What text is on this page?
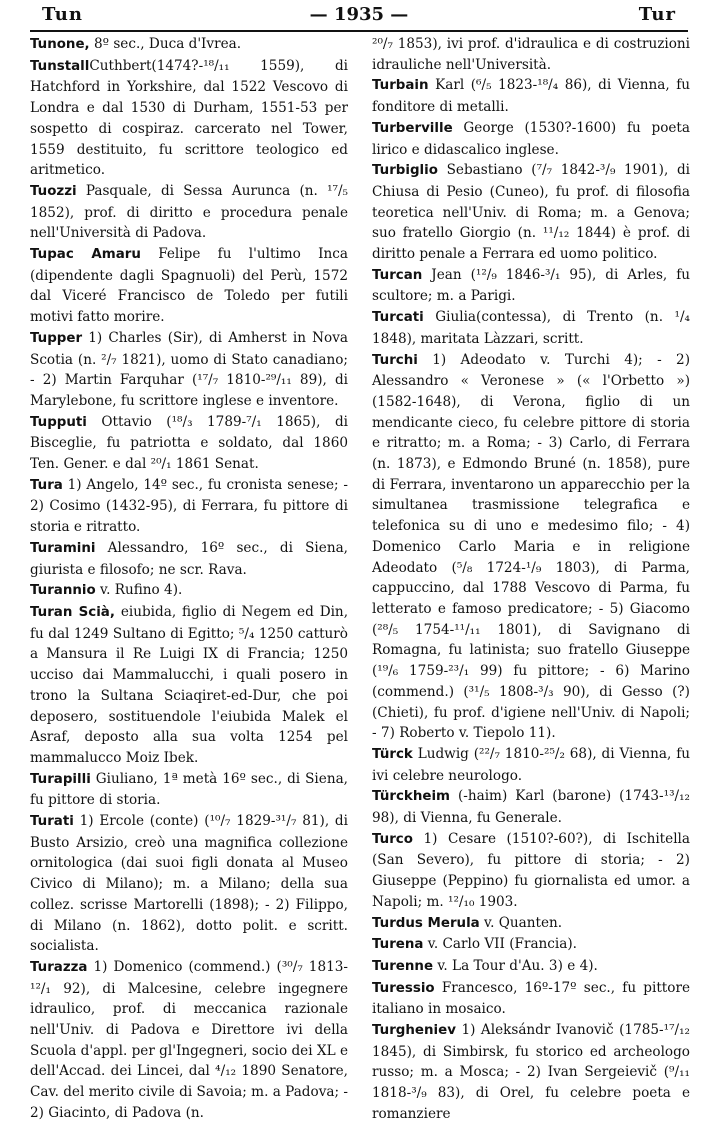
Tun	— 1935 —	Tur

Tunone, 8º sec., Duca d'Ivrea.

TunstallCuthbert(1474?-¹⁸/₁₁ 1559), di Hatchford in Yorkshire, dal 1522 Vescovo di Londra e dal 1530 di Durham, 1551-53 per sospetto di cospiraz. carcerato nel Tower, 1559 destituito, fu scrittore teologico ed aritmetico.

Tuozzi Pasquale, di Sessa Aurunca (n. ¹⁷/₅ 1852), prof. di diritto e procedura penale nell'Università di Padova.

Tupac Amaru Felipe fu l'ultimo Inca (dipendente dagli Spagnuoli) del Perù, 1572 dal Viceré Francisco de Toledo per futili motivi fatto morire.

Tupper 1) Charles (Sir), di Amherst in Nova Scotia (n. ²/₇ 1821), uomo di Stato canadiano; - 2) Martin Farquhar (¹⁷/₇ 1810-²⁹/₁₁ 89), di Marylebone, fu scrittore inglese e inventore.

Tupputi Ottavio (¹⁸/₃ 1789-⁷/₁ 1865), di Bisceglie, fu patriotta e soldato, dal 1860 Ten. Gener. e dal ²⁰/₁ 1861 Senat.

Tura 1) Angelo, 14º sec., fu cronista senese; - 2) Cosimo (1432-95), di Ferrara, fu pittore di storia e ritratto.

Turamini Alessandro, 16º sec., di Siena, giurista e filosofo; ne scr. Rava.

Turannio v. Rufino 4).

Turan Scià, eiubida, figlio di Negem ed Din, fu dal 1249 Sultano di Egitto; ⁵/₄ 1250 catturò a Mansura il Re Luigi IX di Francia; 1250 ucciso dai Mammalucchi, i quali posero in trono la Sultana Sciaqiret-ed-Dur, che poi deposero, sostituendole l'eiubida Malek el Asraf, deposto alla sua volta 1254 pel mammalucco Moiz Ibek.

Turapilli Giuliano, 1ª metà 16º sec., di Siena, fu pittore di storia.

Turati 1) Ercole (conte) (¹⁰/₇ 1829-³¹/₇ 81), di Busto Arsizio, creò una magnifica collezione ornitologica (dai suoi figli donata al Museo Civico di Milano); m. a Milano; della sua collez. scrisse Martorelli (1898); - 2) Filippo, di Milano (n. 1862), dotto polit. e scritt. socialista.

Turazza 1) Domenico (commend.) (³⁰/₇ 1813-¹²/₁ 92), di Malcesine, celebre ingegnere idraulico, prof. di meccanica razionale nell'Univ. di Padova e Direttore ivi della Scuola d'appl. per gl'Ingegneri, socio dei XL e dell'Accad. dei Lincei, dal ⁴/₁₂ 1890 Senatore, Cav. del merito civile di Savoia; m. a Padova; - 2) Giacinto, di Padova (n.

²⁰/₇ 1853), ivi prof. d'idraulica e di costruzioni idrauliche nell'Università.

Turbain Karl (⁶/₅ 1823-¹⁸/₄ 86), di Vienna, fu fonditore di metalli.

Turberville George (1530?-1600) fu poeta lirico e didascalico inglese.

Turbiglio Sebastiano (⁷/₇ 1842-³/₉ 1901), di Chiusa di Pesio (Cuneo), fu prof. di filosofia teoretica nell'Univ. di Roma; m. a Genova; suo fratello Giorgio (n. ¹¹/₁₂ 1844) è prof. di diritto penale a Ferrara ed uomo politico.

Turcan Jean (¹²/₉ 1846-³/₁ 95), di Arles, fu scultore; m. a Parigi.

Turcati Giulia(contessa), di Trento (n. ¹/₄ 1848), maritata Làzzari, scritt.

Turchi 1) Adeodato v. Turchi 4); - 2) Alessandro « Veronese » (« l'Orbetto ») (1582-1648), di Verona, figlio di un mendicante cieco, fu celebre pittore di storia e ritratto; m. a Roma; - 3) Carlo, di Ferrara (n. 1873), e Edmondo Bruné (n. 1858), pure di Ferrara, inventarono un apparecchio per la simultanea trasmissione telegrafica e telefonica su di uno e medesimo filo; - 4) Domenico Carlo Maria e in religione Adeodato (⁵/₈ 1724-¹/₉ 1803), di Parma, cappuccino, dal 1788 Vescovo di Parma, fu letterato e famoso predicatore; - 5) Giacomo (²⁸/₅ 1754-¹¹/₁₁ 1801), di Savignano di Romagna, fu latinista; suo fratello Giuseppe (¹⁹/₆ 1759-²³/₁ 99) fu pittore; - 6) Marino (commend.) (³¹/₅ 1808-³/₃ 90), di Gesso (?) (Chieti), fu prof. d'igiene nell'Univ. di Napoli; - 7) Roberto v. Tiepolo 11).

Türck Ludwig (²²/₇ 1810-²⁵/₂ 68), di Vienna, fu ivi celebre neurologo.

Türckheim (-haim) Karl (barone) (1743-¹³/₁₂ 98), di Vienna, fu Generale.

Turco 1) Cesare (1510?-60?), di Ischitella (San Severo), fu pittore di storia; - 2) Giuseppe (Peppino) fu giornalista ed umor. a Napoli; m. ¹²/₁₀ 1903.

Turdus Merula v. Quanten.

Turena v. Carlo VII (Francia).

Turenne v. La Tour d'Au. 3) e 4).

Turessio Francesco, 16º-17º sec., fu pittore italiano in mosaico.

Turgheniev 1) Aleksándr Ivanovič (1785-¹⁷/₁₂ 1845), di Simbirsk, fu storico ed archeologo russo; m. a Mosca; - 2) Ivan Sergeievič (⁹/₁₁ 1818-³/₉ 83), di Orel, fu celebre poeta e romanziere
